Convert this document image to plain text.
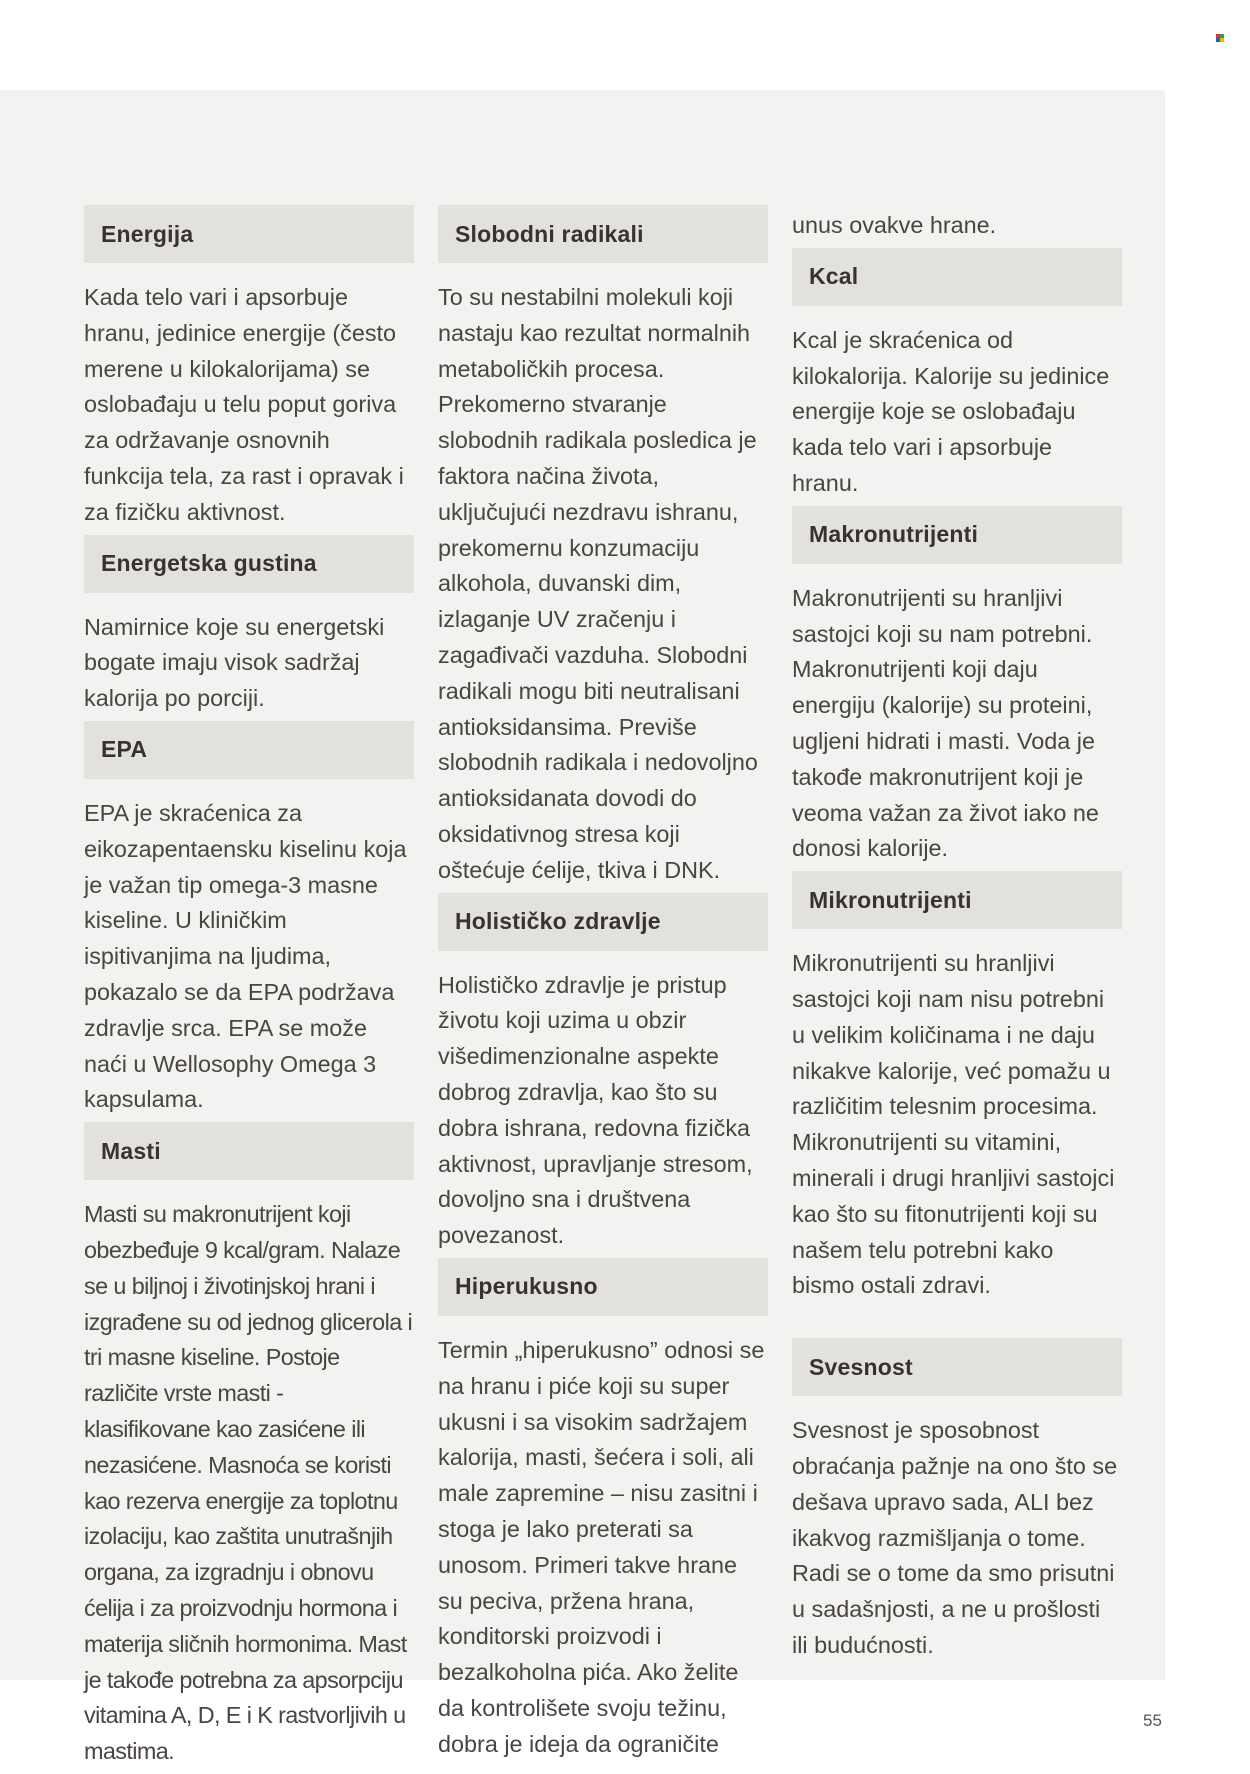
Energija

Kada telo vari i apsorbuje hranu, jedinice energije (često merene u kilokalorijama) se oslobađaju u telu poput goriva za održavanje osnovnih funkcija tela, za rast i opravak i za fizičku aktivnost.

Energetska gustina

Namirnice koje su energetski bogate imaju visok sadržaj kalorija po porciji.

EPA

EPA je skraćenica za eikozapentaensku kiselinu koja je važan tip omega-3 masne kiseline. U kliničkim ispitivanjima na ljudima, pokazalo se da EPA podržava zdravlje srca. EPA se može naći u Wellosophy Omega 3 kapsulama.

Masti

Masti su makronutrijent koji obezbeđuje 9 kcal/gram. Nalaze se u biljnoj i životinjskoj hrani i izgrađene su od jednog glicerola i tri masne kiseline. Postoje različite vrste masti - klasifikovane kao zasićene ili nezasićene. Masnoća se koristi kao rezerva energije za toplotnu izolaciju, kao zaštita unutrašnjih organa, za izgradnju i obnovu ćelija i za proizvodnju hormona i materija sličnih hormonima. Mast je takođe potrebna za apsorpciju vitamina A, D, E i K rastvorljivih u mastima.

Slobodni radikali

To su nestabilni molekuli koji nastaju kao rezultat normalnih metaboličkih procesa. Prekomerno stvaranje slobodnih radikala posledica je faktora načina života, uključujući nezdravu ishranu, prekomernu konzumaciju alkohola, duvanski dim, izlaganje UV zračenju i zagađivači vazduha. Slobodni radikali mogu biti neutralisani antioksidansima. Previše slobodnih radikala i nedovoljno antioksidanata dovodi do oksidativnog stresa koji oštećuje ćelije, tkiva i DNK.

Holističko zdravlje

Holističko zdravlje je pristup životu koji uzima u obzir višedimenzionalne aspekte dobrog zdravlja, kao što su dobra ishrana, redovna fizička aktivnost, upravljanje stresom, dovoljno sna i društvena povezanost.

Hiperukusno

Termin „hiperukusno” odnosi se na hranu i piće koji su super ukusni i sa visokim sadržajem kalorija, masti, šećera i soli, ali male zapremine – nisu zasitni i stoga je lako preterati sa unosom. Primeri takve hrane su peciva, pržena hrana, konditorski proizvodi i bezalkoholna pića. Ako želite da kontrolišete svoju težinu, dobra je ideja da ograničite

unus ovakve hrane.

Kcal

Kcal je skraćenica od kilokalorija. Kalorije su jedinice energije koje se oslobađaju kada telo vari i apsorbuje hranu.

Makronutrijenti

Makronutrijenti su hranljivi sastojci koji su nam potrebni. Makronutrijenti koji daju energiju (kalorije) su proteini, ugljeni hidrati i masti. Voda je takođe makronutrijent koji je veoma važan za život iako ne donosi kalorije.

Mikronutrijenti

Mikronutrijenti su hranljivi sastojci koji nam nisu potrebni u velikim količinama i ne daju nikakve kalorije, već pomažu u različitim telesnim procesima. Mikronutrijenti su vitamini, minerali i drugi hranljivi sastojci kao što su fitonutrijenti koji su našem telu potrebni kako bismo ostali zdravi.

Svesnost

Svesnost je sposobnost obraćanja pažnje na ono što se dešava upravo sada, ALI bez ikakvog razmišljanja o tome. Radi se o tome da smo prisutni u sadašnjosti, a ne u prošlosti ili budućnosti.

55
